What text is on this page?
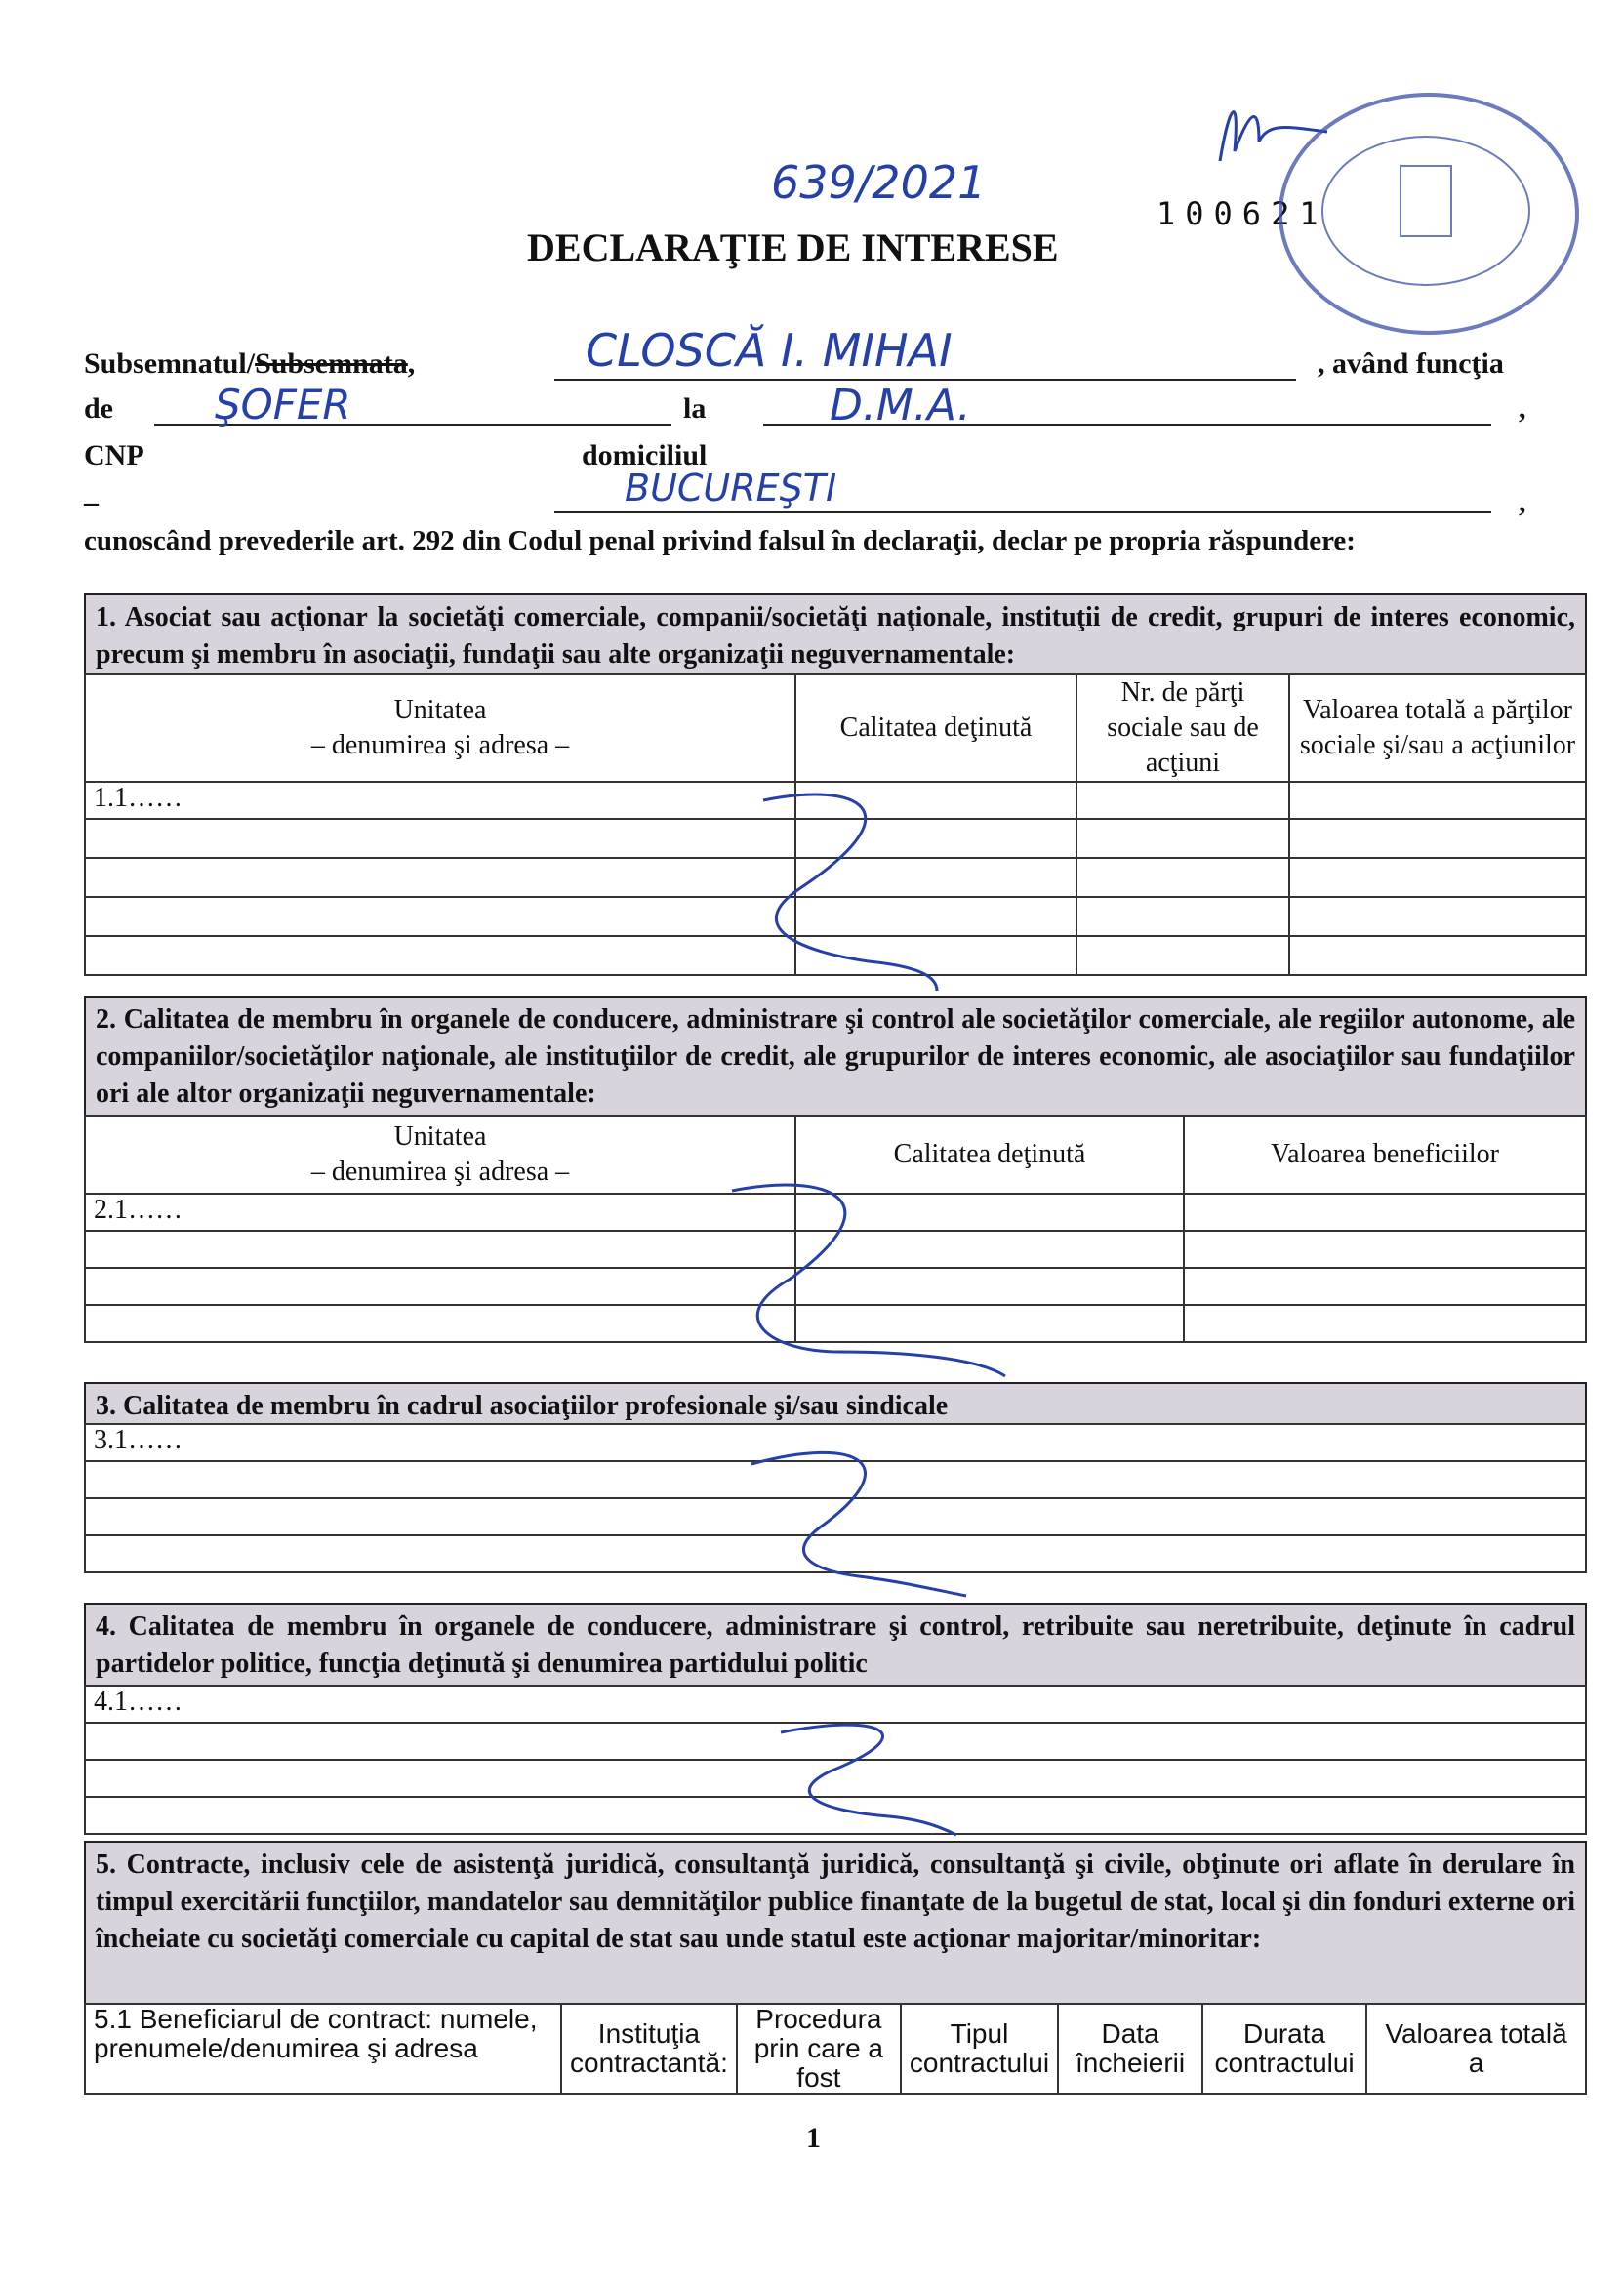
639/2021
100621
DECLARAŢIE DE INTERESE
Subsemnatul/Subsemnata,	CLOSCĂ I. MIHAI	, având funcţia
de ŞOFER	la	D.M.A.	,
CNP	domiciliul
–	BUCUREŞTI	,
cunoscând prevederile art. 292 din Codul penal privind falsul în declaraţii, declar pe propria răspundere:
1. Asociat sau acţionar la societăţi comerciale, companii/societăţi naţionale, instituţii de credit, grupuri de interes economic, precum şi membru în asociaţii, fundaţii sau alte organizaţii neguvernamentale:
Unitatea
– denumirea şi adresa –	Calitatea deţinută	Nr. de părţi sociale sau de acţiuni	Valoarea totală a părţilor sociale şi/sau a acţiunilor
1.1……			

2. Calitatea de membru în organele de conducere, administrare şi control ale societăţilor comerciale, ale regiilor autonome, ale companiilor/societăţilor naţionale, ale instituţiilor de credit, ale grupurilor de interes economic, ale asociaţiilor sau fundaţiilor ori ale altor organizaţii neguvernamentale:
Unitatea
– denumirea şi adresa –	Calitatea deţinută	Valoarea beneficiilor
2.1……		

3. Calitatea de membru în cadrul asociaţiilor profesionale şi/sau sindicale
3.1……

4. Calitatea de membru în organele de conducere, administrare şi control, retribuite sau neretribuite, deţinute în cadrul partidelor politice, funcţia deţinută şi denumirea partidului politic
4.1……

5. Contracte, inclusiv cele de asistenţă juridică, consultanţă juridică, consultanţă şi civile, obţinute ori aflate în derulare în timpul exercitării funcţiilor, mandatelor sau demnităţilor publice finanţate de la bugetul de stat, local şi din fonduri externe ori încheiate cu societăţi comerciale cu capital de stat sau unde statul este acţionar majoritar/minoritar:
5.1 Beneficiarul de contract: numele, prenumele/denumirea şi adresa	Instituţia contractantă:	Procedura prin care a fost	Tipul contractului	Data încheierii	Durata contractului	Valoarea totală a
1
